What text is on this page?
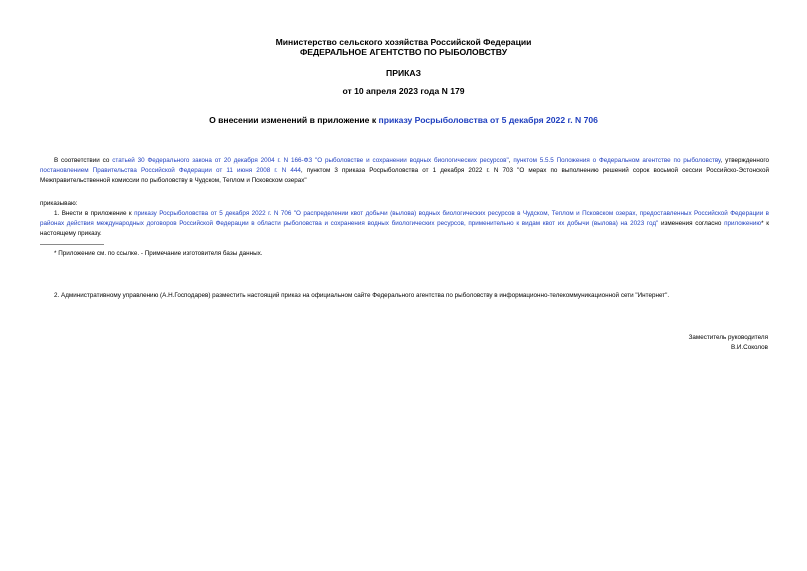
Министерство сельского хозяйства Российской Федерации
ФЕДЕРАЛЬНОЕ АГЕНТСТВО ПО РЫБОЛОВСТВУ
ПРИКАЗ
от 10 апреля 2023 года N 179
О внесении изменений в приложение к приказу Росрыболовства от 5 декабря 2022 г. N 706
В соответствии со статьей 30 Федерального закона от 20 декабря 2004 г. N 166-ФЗ "О рыболовстве и сохранении водных биологических ресурсов", пунктом 5.5.5 Положения о Федеральном агентстве по рыболовству, утвержденного постановлением Правительства Российской Федерации от 11 июня 2008 г. N 444, пунктом 3 приказа Росрыболовства от 1 декабря 2022 г. N 703 "О мерах по выполнению решений сорок восьмой сессии Российско-Эстонской Межправительственной комиссии по рыболовству в Чудском, Теплом и Псковском озерах"
приказываю:
1. Внести в приложение к приказу Росрыболовства от 5 декабря 2022 г. N 706 "О распределении квот добычи (вылова) водных биологических ресурсов в Чудском, Теплом и Псковском озерах, предоставленных Российской Федерации в районах действия международных договоров Российской Федерации в области рыболовства и сохранения водных биологических ресурсов, применительно к видам квот их добычи (вылова) на 2023 год" изменения согласно приложению* к настоящему приказу.
* Приложение см. по ссылке. - Примечание изготовителя базы данных.
2. Административному управлению (А.Н.Господарев) разместить настоящий приказ на официальном сайте Федерального агентства по рыболовству в информационно-телекоммуникационной сети "Интернет".
Заместитель руководителя
В.И.Соколов
